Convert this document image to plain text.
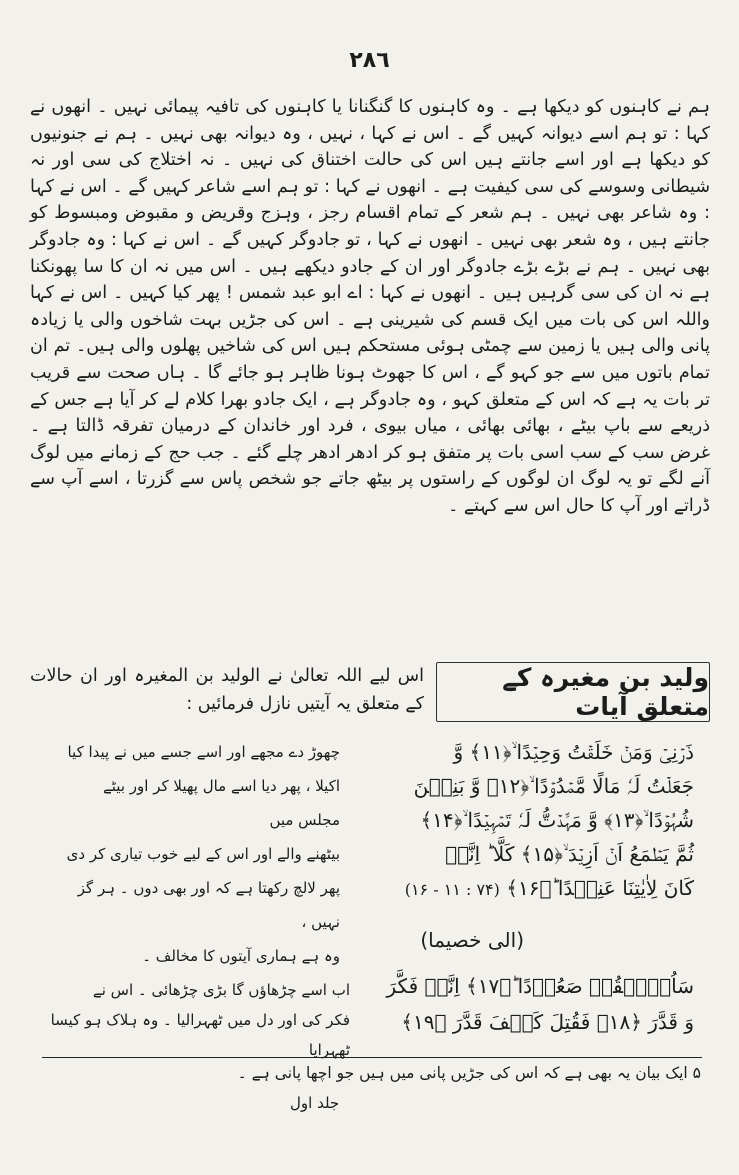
٢٨٦

ہم نے کاہنوں کو دیکھا ہے ۔ وہ کاہنوں کا گنگنانا یا کاہنوں کی تافیہ پیمائی نہیں ۔ انھوں نے کہا : تو ہم اسے دیوانہ کہیں گے ۔ اس نے کہا ، نہیں ، وہ دیوانہ بھی نہیں ۔ ہم نے جنونیوں کو دیکھا ہے اور اسے جانتے ہیں اس کی حالت اختناق کی نہیں ۔ نہ اختلاج کی سی اور نہ شیطانی وسوسے کی سی کیفیت ہے ۔ انھوں نے کہا : تو ہم اسے شاعر کہیں گے ۔ اس نے کہا : وہ شاعر بھی نہیں ۔ ہم شعر کے تمام اقسام رجز ، وہزج وقریض و مقبوض ومبسوط کو جانتے ہیں ، وہ شعر بھی نہیں ۔ انھوں نے کہا ، تو جادوگر کہیں گے ۔ اس نے کہا : وہ جادوگر بھی نہیں ۔ ہم نے بڑے بڑے جادوگر اور ان کے جادو دیکھے ہیں ۔ اس میں نہ ان کا سا پھونکنا ہے نہ ان کی سی گرہیں ہیں ۔ انھوں نے کہا : اے ابو عبد شمس ! پھر کیا کہیں ۔ اس نے کہا واللہ اس کی بات میں ایک قسم کی شیرینی ہے ۔ اس کی جڑیں بہت شاخوں والی یا زیادہ پانی والی ہیں یا زمین سے چمٹی ہوئی مستحکم ہیں اس کی شاخیں پھلوں والی ہیں۔ تم ان تمام باتوں میں سے جو کہو گے ، اس کا جھوٹ ہونا ظاہر ہو جائے گا ۔ ہاں صحت سے قریب تر بات یہ ہے کہ اس کے متعلق کہو ، وہ جادوگر ہے ، ایک جادو بھرا کلام لے کر آیا ہے جس کے ذریعے سے باپ بیٹے ، بھائی بھائی ، میاں بیوی ، فرد اور خاندان کے درمیان تفرقہ ڈالتا ہے ۔ غرض سب کے سب اسی بات پر متفق ہو کر ادھر ادھر چلے گئے ۔ جب حج کے زمانے میں لوگ آنے لگے تو یہ لوگ ان لوگوں کے راستوں پر بیٹھ جاتے جو شخص پاس سے گزرتا ، اسے آپ سے ڈراتے اور آپ کا حال اس سے کہتے ۔

ولید بن مغیرہ کے متعلق آیات
اس لیے اللہ تعالیٰ نے الولید بن المغیرہ اور ان حالات کے متعلق یہ آیتیں نازل فرمائیں :
ذَرۡنِیۡ وَمَنۡ خَلَقۡتُ وَحِیۡدًا ۙ﴿۱۱﴾ وَّ
جَعَلۡتُ لَہٗ مَالًا مَّمۡدُوۡدًا ۙ﴿۱۲﴾ وَّ بَنِیۡنَ
شُہُوۡدًا ۙ﴿۱۳﴾ وَّ مَہَّدۡتُّ لَہٗ تَمۡہِیۡدًا ۙ﴿۱۴﴾
ثُمَّ یَطۡمَعُ اَنۡ اَزِیۡدَ ۙ﴿۱۵﴾ کَلَّا ؕ اِنَّہٗ
کَانَ لِاٰیٰتِنَا عَنِیۡدًا ؕ﴿۱۶﴾ (۷۴ : ۱۱ - ۱۶)
(الی خصیما)
چھوڑ دے مجھے اور اسے جسے میں نے پیدا کیا
اکیلا ، پھر دیا اسے مال پھیلا کر اور بیٹے مجلس میں
بیٹھنے والے اور اس کے لیے خوب تیاری کر دی
پھر لالچ رکھتا ہے کہ اور بھی دوں ۔ ہر گز نہیں ،
وہ ہے ہماری آیتوں کا مخالف ۔
سَاُرۡہِقُہٗ صَعُوۡدًا ؕ﴿۱۷﴾ اِنَّہٗ فَکَّرَ
وَ قَدَّرَ ﴿۱۸﴾ فَقُتِلَ کَیۡفَ قَدَّرَ ﴿۱۹﴾
اب اسے چڑھاؤں گا بڑی چڑھائی ۔ اس نے
فکر کی اور دل میں ٹھہرالیا ۔ وہ ہلاک ہو کیسا ٹھہرایا
۵ ایک بیان یہ بھی ہے کہ اس کی جڑیں پانی میں ہیں جو اچھا پانی ہے ۔
جلد اول
